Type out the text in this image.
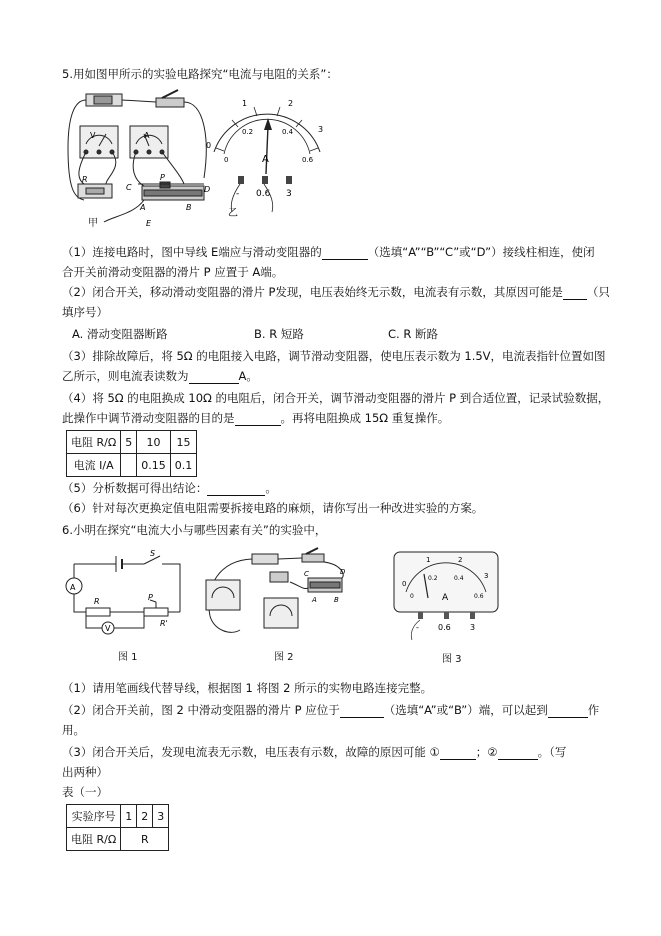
5.用如图甲所示的实验电路探究“电流与电阻的关系”：
V	A
R	P
C	D
A	B
E
甲
0
1	2
3
0
0.2	0.4
0.6
A
- 0.6 3
乙
（1）连接电路时，图中导线 E端应与滑动变阻器的	（选填“A”“B”“C”或“D”）接线柱相连，使闭
合开关前滑动变阻器的滑片 P 应置于 A端。
（2）闭合开关，移动滑动变阻器的滑片 P发现，电压表始终无示数，电流表有示数，其原因可能是 （只
填序号）
A. 滑动变阻器断路	B. R 短路	C. R 断路
（3）排除故障后，将 5Ω 的电阻接入电路，调节滑动变阻器，使电压表示数为 1.5V，电流表指针位置如图
乙所示，则电流表读数为	A。
（4）将 5Ω 的电阻换成 10Ω 的电阻后，闭合开关，调节滑动变阻器的滑片 P 到合适位置，记录试验数据，
此操作中调节滑动变阻器的目的是	。再将电阻换成 15Ω 重复操作。
电阻 R/Ω	5	10	15
电流 I/A		0.15	0.1
（5）分析数据可得出结论：	。
（6）针对每次更换定值电阻需要拆接电路的麻烦，请你写出一种改进实验的方案。
6.小明在探究“电流大小与哪些因素有关”的实验中，
A
S
R	P
R'
V
图 1
C	D
A B
图 2
0
1	2
3
0
0.2	0.4
0.6
A
- 0.6 3
图 3
（1）请用笔画线代替导线，根据图 1 将图 2 所示的实物电路连接完整。
（2）闭合开关前，图 2 中滑动变阻器的滑片 P 应位于	（选填“A”或“B”）端，可以起到	作
用。
（3）闭合开关后，发现电流表无示数，电压表有示数，故障的原因可能 ①	；②	。（写
出两种）
表（一）
实验序号	1	2	3
电阻 R/Ω	R		
